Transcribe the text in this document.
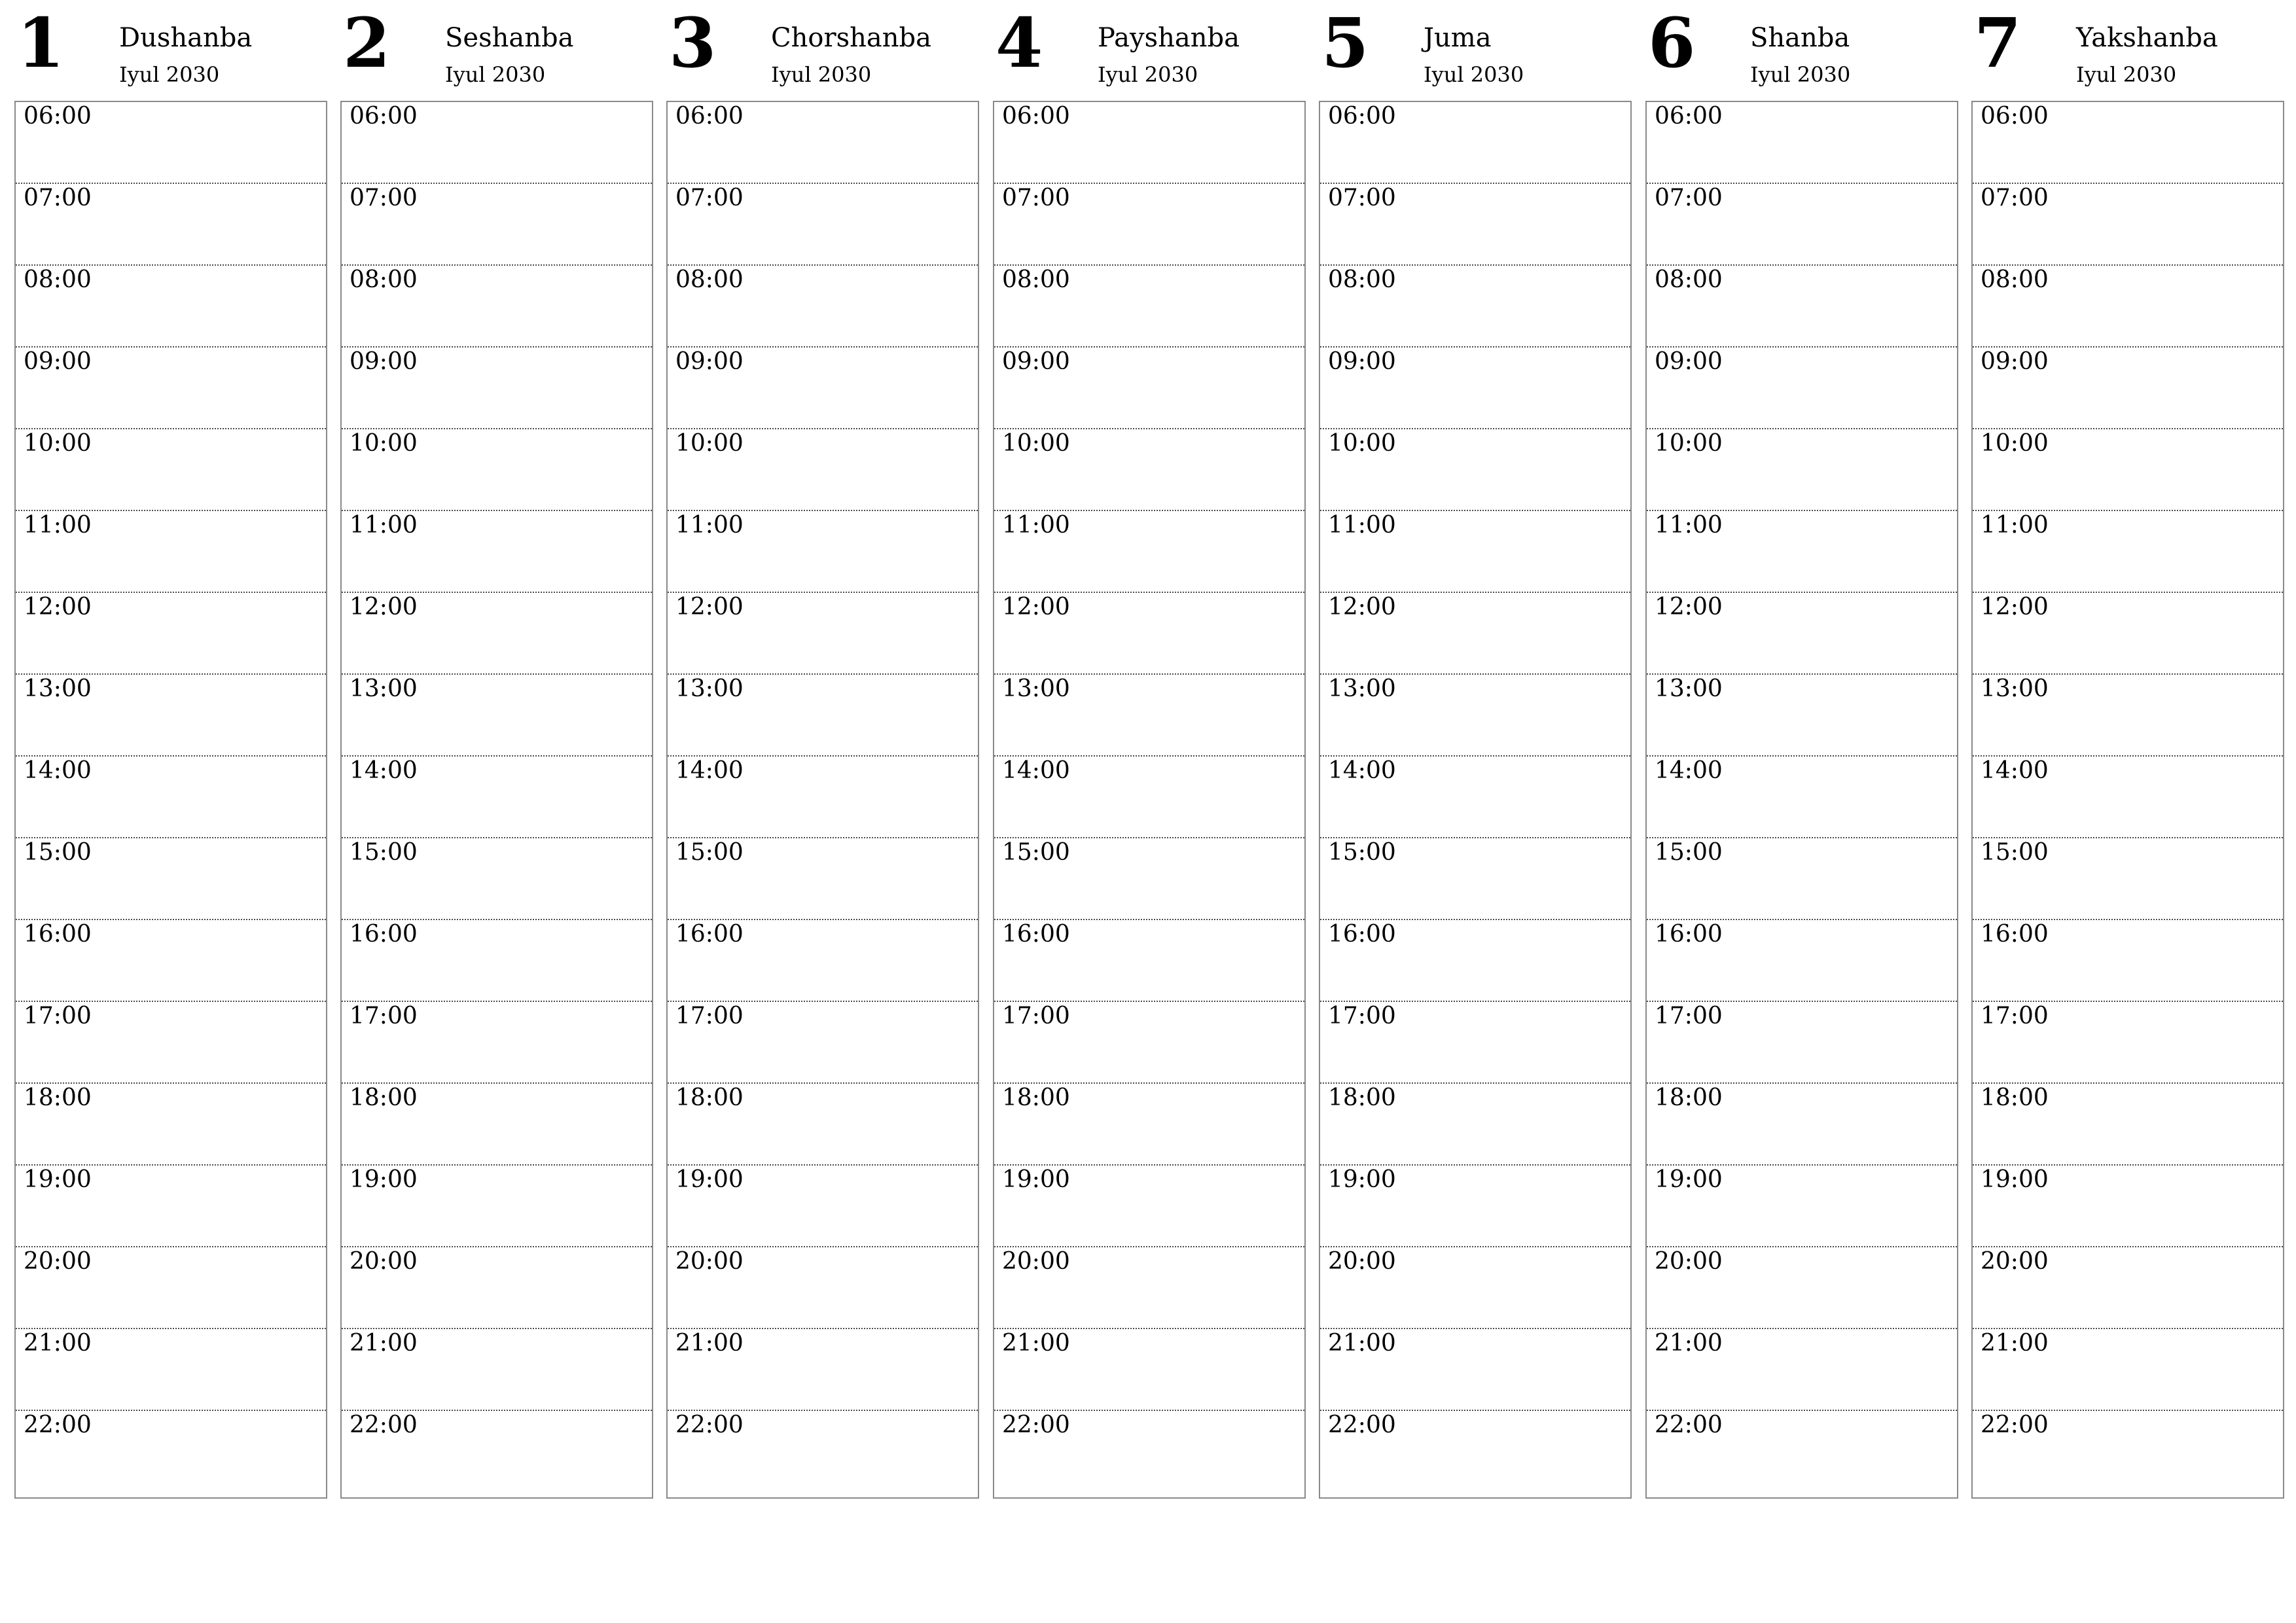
1 Dushanba
Iyul 2030
06:00
07:00
08:00
09:00
10:00
11:00
12:00
13:00
14:00
15:00
16:00
17:00
18:00
19:00
20:00
21:00
22:00
2 Seshanba
Iyul 2030
06:00
07:00
08:00
09:00
10:00
11:00
12:00
13:00
14:00
15:00
16:00
17:00
18:00
19:00
20:00
21:00
22:00
3 Chorshanba
Iyul 2030
06:00
07:00
08:00
09:00
10:00
11:00
12:00
13:00
14:00
15:00
16:00
17:00
18:00
19:00
20:00
21:00
22:00
4 Payshanba
Iyul 2030
06:00
07:00
08:00
09:00
10:00
11:00
12:00
13:00
14:00
15:00
16:00
17:00
18:00
19:00
20:00
21:00
22:00
5 Juma
Iyul 2030
06:00
07:00
08:00
09:00
10:00
11:00
12:00
13:00
14:00
15:00
16:00
17:00
18:00
19:00
20:00
21:00
22:00
6 Shanba
Iyul 2030
06:00
07:00
08:00
09:00
10:00
11:00
12:00
13:00
14:00
15:00
16:00
17:00
18:00
19:00
20:00
21:00
22:00
7 Yakshanba
Iyul 2030
06:00
07:00
08:00
09:00
10:00
11:00
12:00
13:00
14:00
15:00
16:00
17:00
18:00
19:00
20:00
21:00
22:00
